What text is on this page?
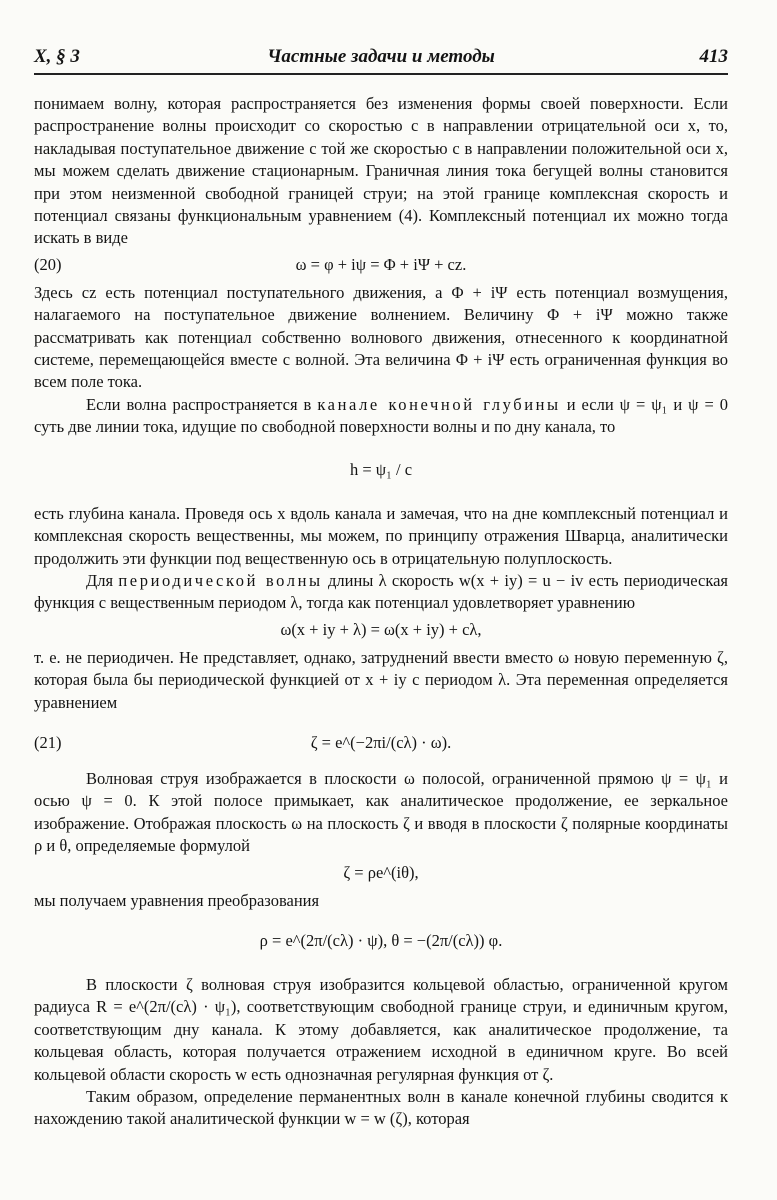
X, § 3	Частные задачи и методы	413

понимаем волну, которая распространяется без изменения формы своей поверхности. Если распространение волны происходит со скоростью c в направлении отрицательной оси x, то, накладывая поступательное движение с той же скоростью c в направлении положительной оси x, мы можем сделать движение стационарным. Граничная линия тока бегущей волны становится при этом неизменной свободной границей струи; на этой границе комплексная скорость и потенциал связаны функциональным уравнением (4). Комплексный потенциал их можно тогда искать в виде

(20)	ω = φ + iψ = Φ + iΨ + cz.

Здесь cz есть потенциал поступательного движения, а Φ + iΨ есть потенциал возмущения, налагаемого на поступательное движение волнением. Величину Φ + iΨ можно также рассматривать как потенциал собственно волнового движения, отнесенного к координатной системе, перемещающейся вместе с волной. Эта величина Φ + iΨ есть ограниченная функция во всем поле тока.

Если волна распространяется в канале конечной глубины и если ψ = ψ₁ и ψ = 0 суть две линии тока, идущие по свободной поверхности волны и по дну канала, то

h = ψ₁ / c

есть глубина канала. Проведя ось x вдоль канала и замечая, что на дне комплексный потенциал и комплексная скорость вещественны, мы можем, по принципу отражения Шварца, аналитически продолжить эти функции под вещественную ось в отрицательную полуплоскость.

Для периодической волны длины λ скорость w(x + iy) = u − iv есть периодическая функция с вещественным периодом λ, тогда как потенциал удовлетворяет уравнению

ω(x + iy + λ) = ω(x + iy) + cλ,

т. е. не периодичен. Не представляет, однако, затруднений ввести вместо ω новую переменную ζ, которая была бы периодической функцией от x + iy с периодом λ. Эта переменная определяется уравнением

(21)	ζ = e^(−2πi/(cλ) · ω).

Волновая струя изображается в плоскости ω полосой, ограниченной прямою ψ = ψ₁ и осью ψ = 0. К этой полосе примыкает, как аналитическое продолжение, ее зеркальное изображение. Отображая плоскость ω на плоскость ζ и вводя в плоскости ζ полярные координаты ρ и θ, определяемые формулой

ζ = ρe^(iθ),

мы получаем уравнения преобразования

ρ = e^(2π/(cλ) · ψ), θ = −(2π/(cλ)) φ.

В плоскости ζ волновая струя изобразится кольцевой областью, ограниченной кругом радиуса R = e^(2π/(cλ) · ψ₁), соответствующим свободной границе струи, и единичным кругом, соответствующим дну канала. К этому добавляется, как аналитическое продолжение, та кольцевая область, которая получается отражением исходной в единичном круге. Во всей кольцевой области скорость w есть однозначная регулярная функция от ζ.

Таким образом, определение перманентных волн в канале конечной глубины сводится к нахождению такой аналитической функции w = w (ζ), которая
